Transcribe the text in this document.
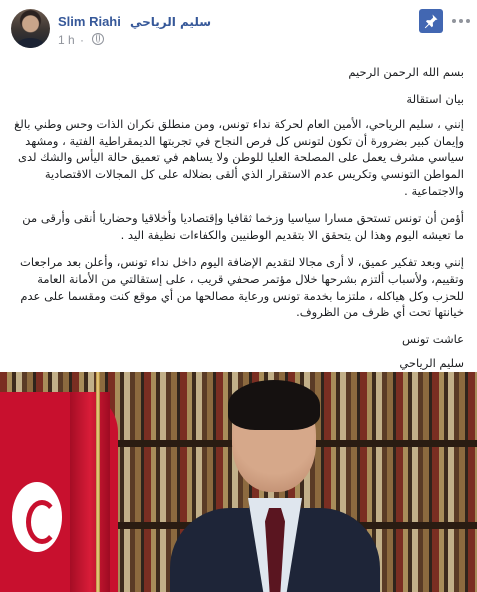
Slim Riahi سليم الرياحي
1 h ·

بسم الله الرحمن الرحيم

بيان استقالة

إنني ، سليم الرياحي، الأمين العام لحركة نداء تونس، ومن منطلق نكران الذات وحس وطني بالغ وإيمان كبير بضرورة أن تكون لتونس كل فرص النجاح في تجربتها الديمقراطية الفتية ، ومشهد سياسي مشرف يعمل على المصلحة العليا للوطن ولا يساهم في تعميق حالة اليأس والشك لدى المواطن التونسي وتكريس عدم الاستقرار الذي ألقى بضلاله على كل المجالات الاقتصادية والاجتماعية .

أؤمن أن تونس تستحق مسارا سياسيا وزخما ثقافيا وإقتصاديا وأخلاقيا وحضاريا أنقى وأرقى من ما تعيشه اليوم وهذا لن يتحقق الا بتقديم الوطنيين والكفاءات نظيفة اليد .

إنني وبعد تفكير عميق، لا أرى مجالا لتقديم الإضافة اليوم داخل نداء تونس، وأعلن بعد مراجعات وتقييم، ولأسباب ألتزم بشرحها خلال مؤتمر صحفي قريب ، على إستقالتي من الأمانة العامة للحزب وكل هياكله ، ملتزما بخدمة تونس ورعاية مصالحها من أي موقع كنت ومقسما على عدم خيانتها تحت أي ظرف من الظروف.

عاشت تونس

سليم الرياحي
